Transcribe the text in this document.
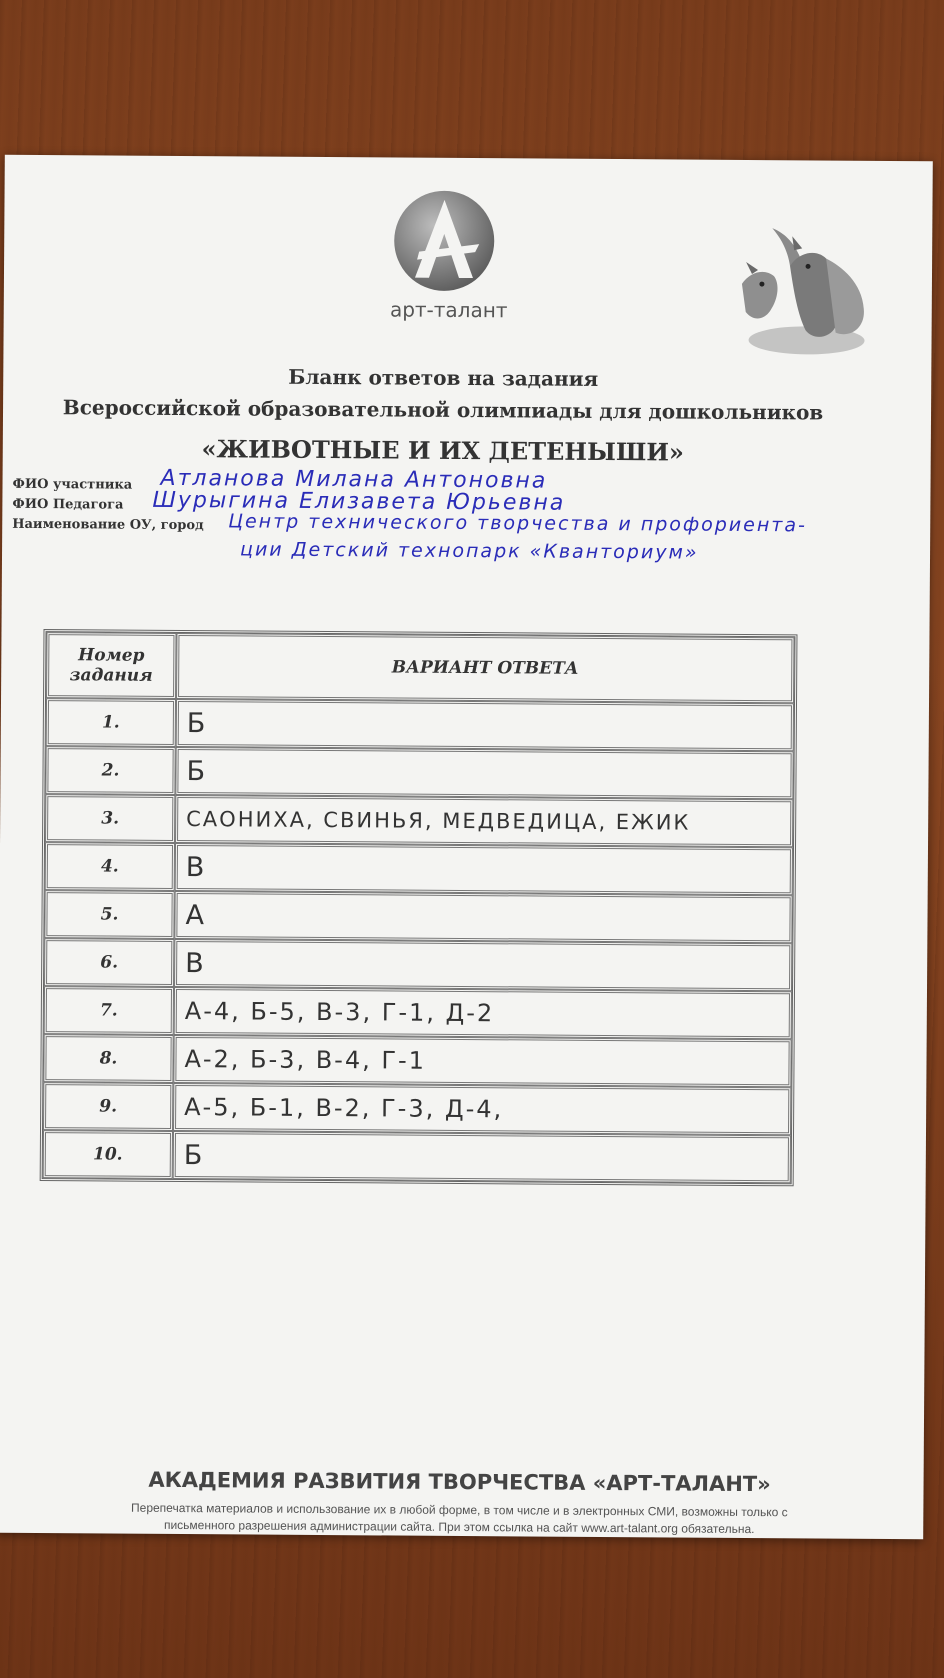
арт-талант
Бланк ответов на задания
Всероссийской образовательной олимпиады для дошкольников
«ЖИВОТНЫЕ И ИХ ДЕТЕНЫШИ»
ФИО участника Атланова Милана Антоновна
ФИО Педагога Шурыгина Елизавета Юрьевна
Наименование ОУ, город Центр технического творчества и профориента-
ции Детский технопарк «Кванториум»
Номер задания	ВАРИАНТ ОТВЕТА
1.	Б
2.	Б
3.	САОНИХА, СВИНЬЯ, МЕДВЕДИЦА, ЕЖИК
4.	В
5.	А
6.	В
7.	А-4, Б-5, В-3, Г-1, Д-2
8.	А-2, Б-3, В-4, Г-1
9.	А-5, Б-1, В-2, Г-3, Д-4,
10.	Б
АКАДЕМИЯ РАЗВИТИЯ ТВОРЧЕСТВА «АРТ-ТАЛАНТ»
Перепечатка материалов и использование их в любой форме, в том числе и в электронных СМИ, возможны только с
письменного разрешения администрации сайта. При этом ссылка на сайт www.art-talant.org обязательна.
